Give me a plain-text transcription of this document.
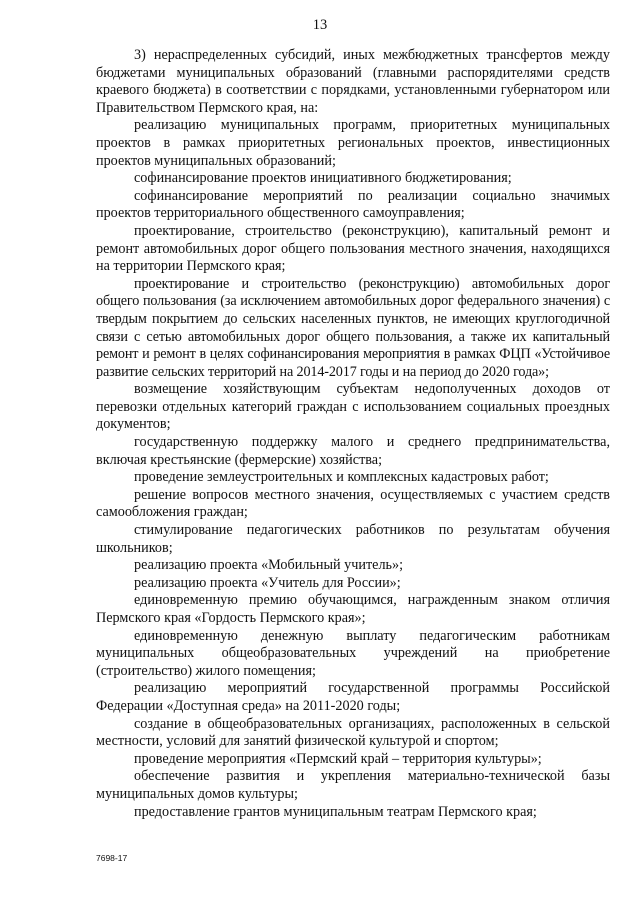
13

3) нераспределенных субсидий, иных межбюджетных трансфертов между бюджетами муниципальных образований (главными распорядителями средств краевого бюджета) в соответствии с порядками, установленными губернатором или Правительством Пермского края, на:

реализацию муниципальных программ, приоритетных муниципальных проектов в рамках приоритетных региональных проектов, инвестиционных проектов муниципальных образований;

софинансирование проектов инициативного бюджетирования;

софинансирование мероприятий по реализации социально значимых проектов территориального общественного самоуправления;

проектирование, строительство (реконструкцию), капитальный ремонт и ремонт автомобильных дорог общего пользования местного значения, находящихся на территории Пермского края;

проектирование и строительство (реконструкцию) автомобильных дорог общего пользования (за исключением автомобильных дорог федерального значения) с твердым покрытием до сельских населенных пунктов, не имеющих круглогодичной связи с сетью автомобильных дорог общего пользования, а также их капитальный ремонт и ремонт в целях софинансирования мероприятия в рамках ФЦП «Устойчивое развитие сельских территорий на 2014-2017 годы и на период до 2020 года»;

возмещение хозяйствующим субъектам недополученных доходов от перевозки отдельных категорий граждан с использованием социальных проездных документов;

государственную поддержку малого и среднего предпринимательства, включая крестьянские (фермерские) хозяйства;

проведение землеустроительных и комплексных кадастровых работ;

решение вопросов местного значения, осуществляемых с участием средств самообложения граждан;

стимулирование педагогических работников по результатам обучения школьников;

реализацию проекта «Мобильный учитель»;

реализацию проекта «Учитель для России»;

единовременную премию обучающимся, награжденным знаком отличия Пермского края «Гордость Пермского края»;

единовременную денежную выплату педагогическим работникам муниципальных общеобразовательных учреждений на приобретение (строительство) жилого помещения;

реализацию мероприятий государственной программы Российской Федерации «Доступная среда» на 2011-2020 годы;

создание в общеобразовательных организациях, расположенных в сельской местности, условий для занятий физической культурой и спортом;

проведение мероприятия «Пермский край – территория культуры»;

обеспечение развития и укрепления материально-технической базы муниципальных домов культуры;

предоставление грантов муниципальным театрам Пермского края;

7698-17
